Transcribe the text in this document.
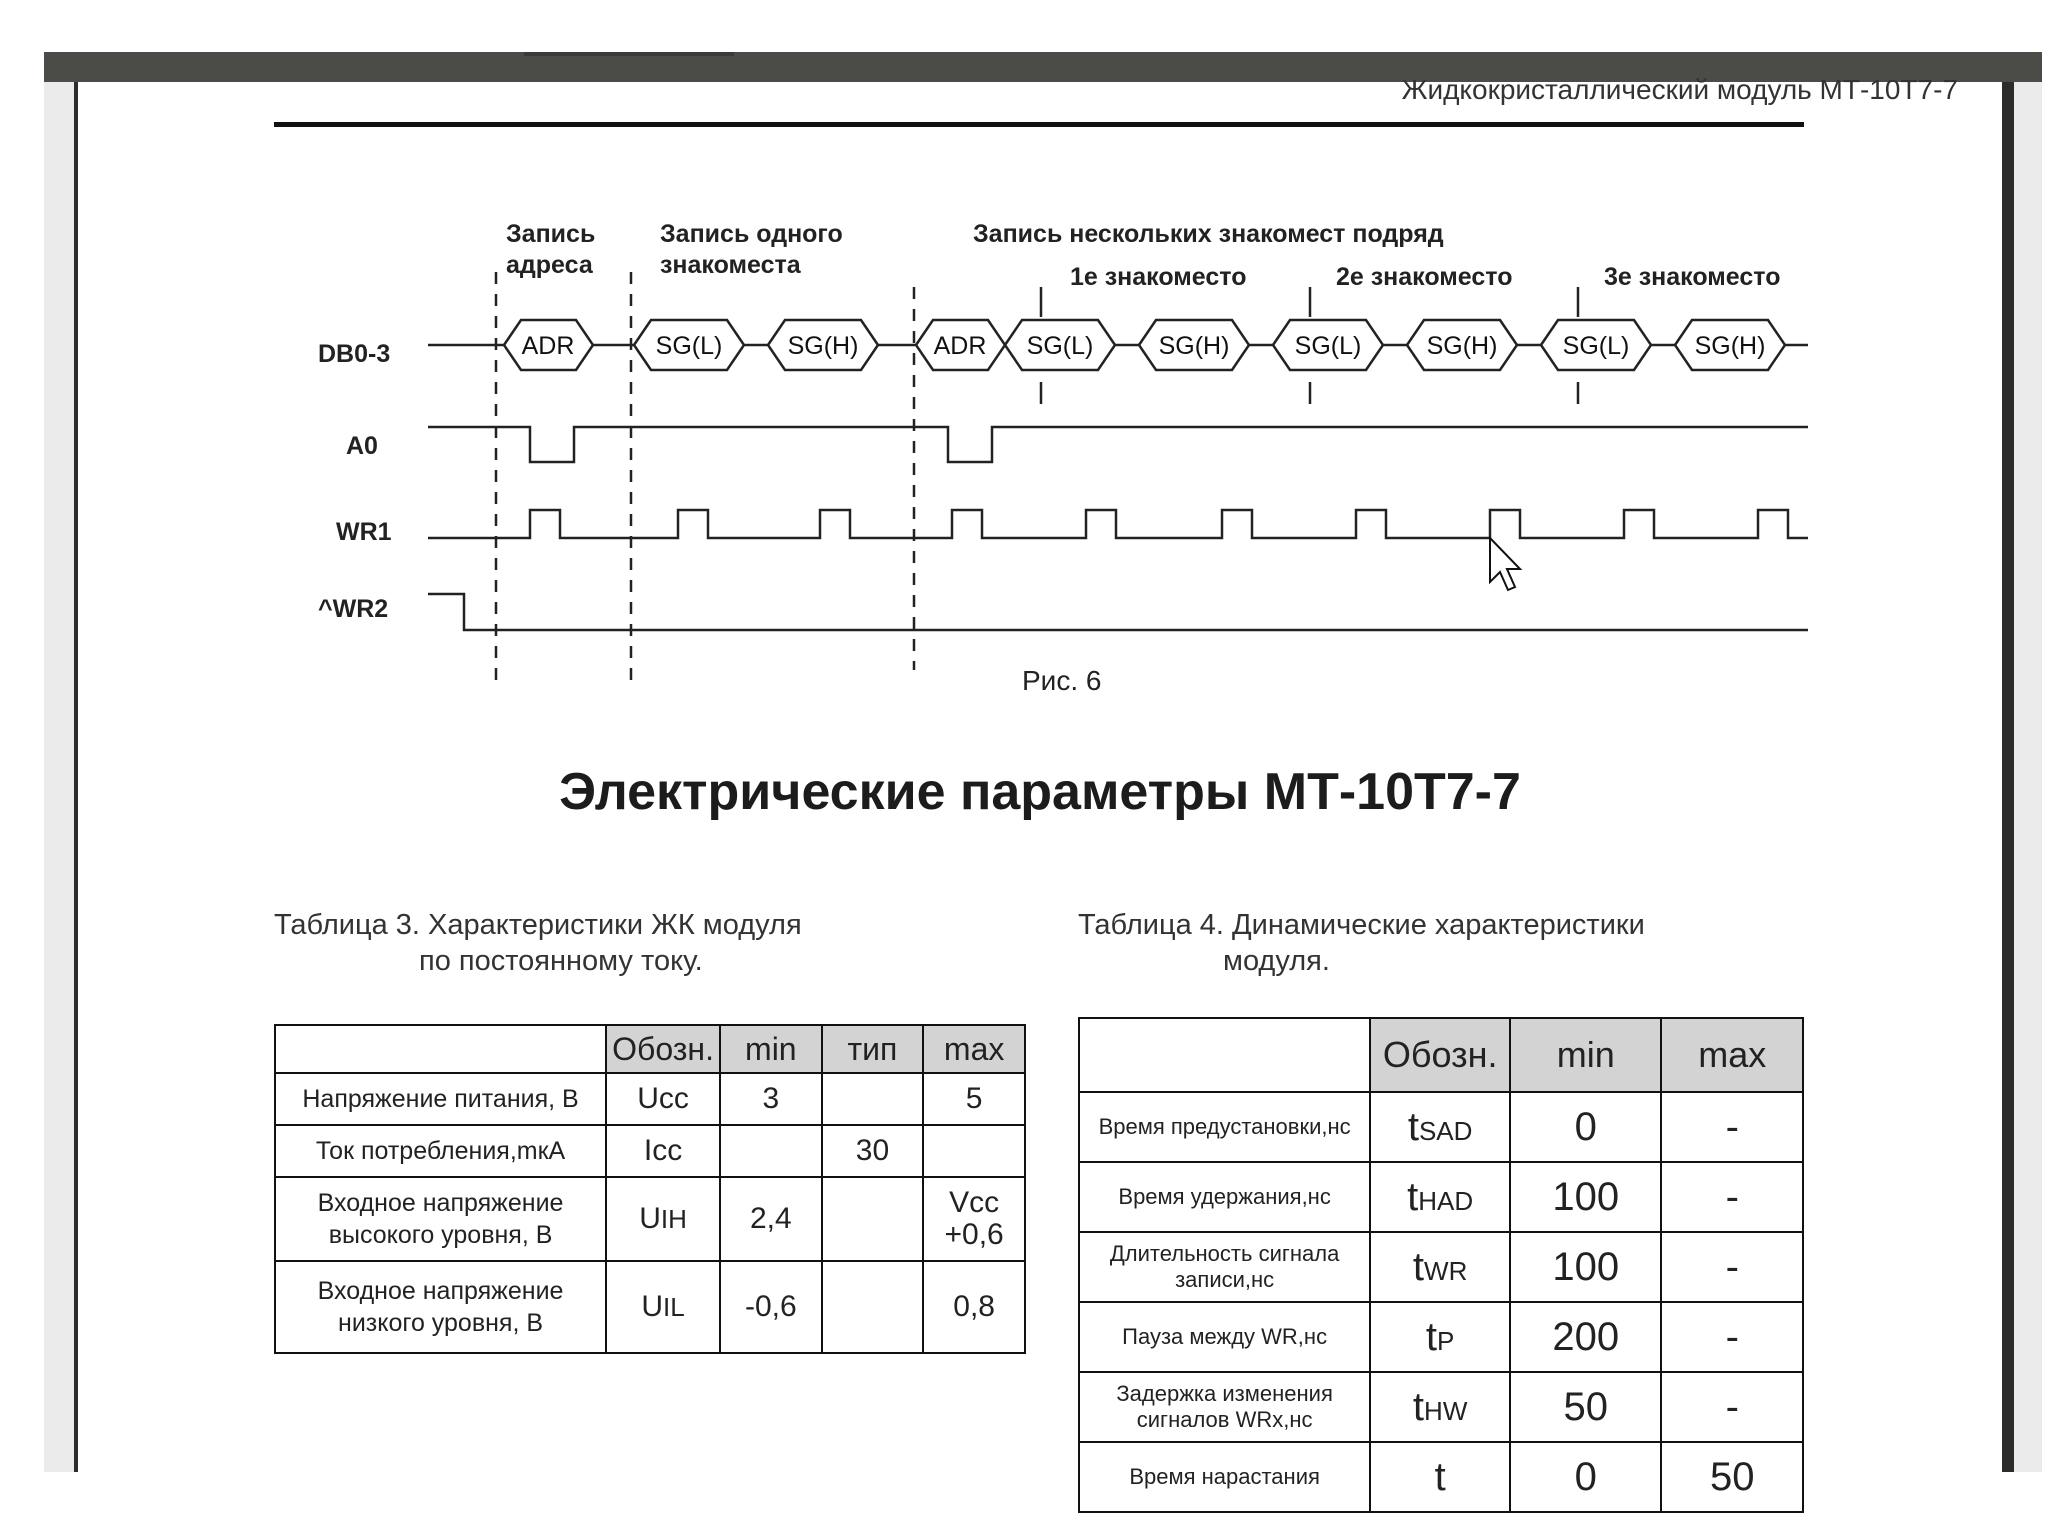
Жидкокристаллический модуль МТ-10Т7-7
Запись
адреса
Запись одного
знакоместа
Запись нескольких знакомест подряд
1е знакоместо	2е знакоместо	3е знакоместо
DB0-3
A0
WR1
^WR2
ADR	SG(L)	SG(H)	ADR SG(L)	SG(H)	SG(L)	SG(H)	SG(L)	SG(H)
Рис. 6
Электрические параметры МТ-10Т7-7
Таблица 3. Характеристики ЖК модуля
по постоянному току.
	Обозн.	min	тип	max
Напряжение питания, В	Ucc	3		5
Ток потребления,mкА	Icc		30	
Входное напряжение высокого уровня, В	UIH	2,4		Vcc +0,6
Входное напряжение низкого уровня, В	UIL	-0,6		0,8
Таблица 4. Динамические характеристики
модуля.
	Обозн.	min	max
Время предустановки,нс	tSAD	0	-
Время удержания,нс	tHAD	100	-
Длительность сигнала записи,нс	tWR	100	-
Пауза между WR,нс	tP	200	-
Задержка изменения сигналов WRx,нс	tHW	50	-
Время нарастания	t	0	50
